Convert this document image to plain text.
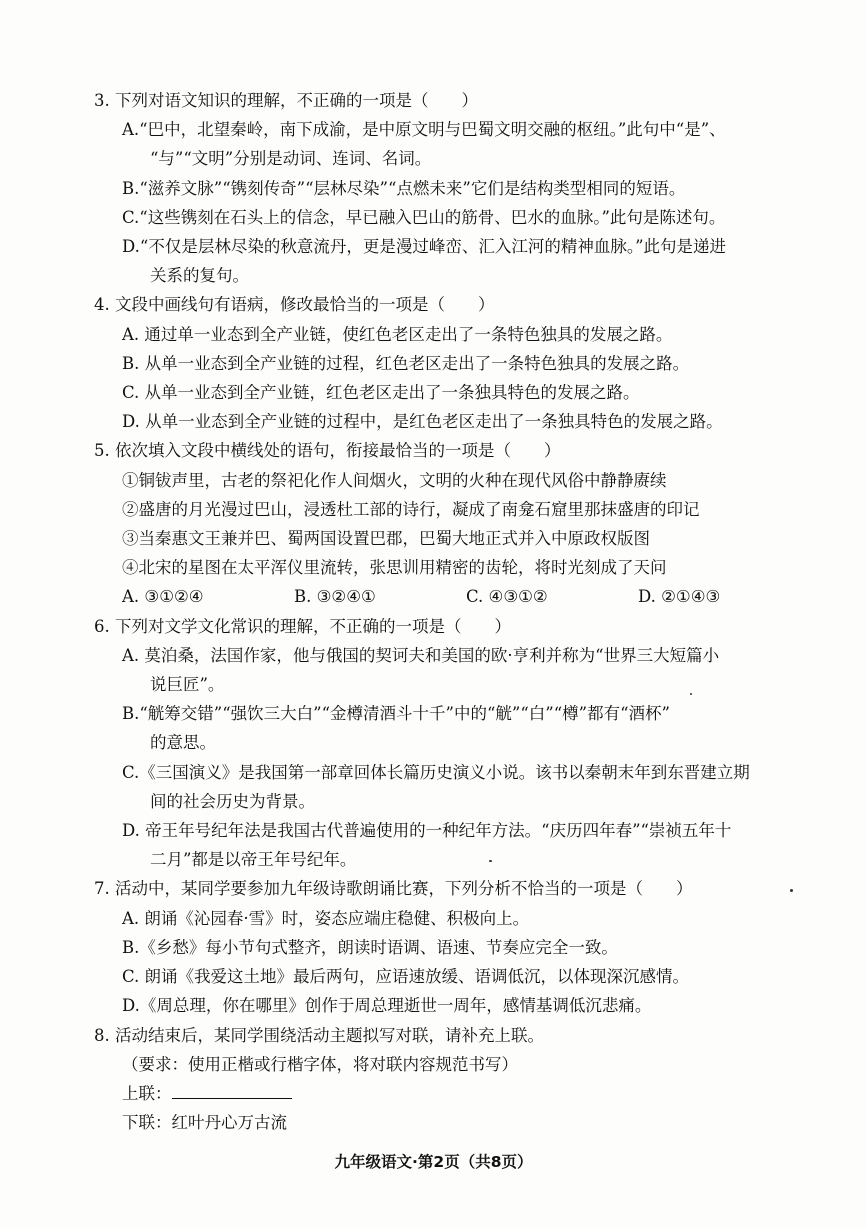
3. 下列对语文知识的理解，不正确的一项是（　　）
A.“巴中，北望秦岭，南下成渝，是中原文明与巴蜀文明交融的枢纽。”此句中“是”、
“与”“文明”分别是动词、连词、名词。
B.“滋养文脉”“镌刻传奇”“层林尽染”“点燃未来”它们是结构类型相同的短语。
C.“这些镌刻在石头上的信念，早已融入巴山的筋骨、巴水的血脉。”此句是陈述句。
D.“不仅是层林尽染的秋意流丹，更是漫过峰峦、汇入江河的精神血脉。”此句是递进
关系的复句。
4. 文段中画线句有语病，修改最恰当的一项是（　　）
A. 通过单一业态到全产业链，使红色老区走出了一条特色独具的发展之路。
B. 从单一业态到全产业链的过程，红色老区走出了一条特色独具的发展之路。
C. 从单一业态到全产业链，红色老区走出了一条独具特色的发展之路。
D. 从单一业态到全产业链的过程中，是红色老区走出了一条独具特色的发展之路。
5. 依次填入文段中横线处的语句，衔接最恰当的一项是（　　）
①铜钹声里，古老的祭祀化作人间烟火，文明的火种在现代风俗中静静赓续
②盛唐的月光漫过巴山，浸透杜工部的诗行，凝成了南龛石窟里那抹盛唐的印记
③当秦惠文王兼并巴、蜀两国设置巴郡，巴蜀大地正式并入中原政权版图
④北宋的星图在太平浑仪里流转，张思训用精密的齿轮，将时光刻成了天问
A. ③①②④	B. ③②④①	C. ④③①②	D. ②①④③
6. 下列对文学文化常识的理解，不正确的一项是（　　）
A. 莫泊桑，法国作家，他与俄国的契诃夫和美国的欧·亨利并称为“世界三大短篇小
说巨匠”。
B.“觥筹交错”“强饮三大白”“金樽清酒斗十千”中的“觥”“白”“樽”都有“酒杯”
的意思。
C.《三国演义》是我国第一部章回体长篇历史演义小说。该书以秦朝末年到东晋建立期
间的社会历史为背景。
D. 帝王年号纪年法是我国古代普遍使用的一种纪年方法。“庆历四年春”“崇祯五年十
二月”都是以帝王年号纪年。
7. 活动中，某同学要参加九年级诗歌朗诵比赛，下列分析不恰当的一项是（　　）
A. 朗诵《沁园春·雪》时，姿态应端庄稳健、积极向上。
B.《乡愁》每小节句式整齐，朗读时语调、语速、节奏应完全一致。
C. 朗诵《我爱这土地》最后两句，应语速放缓、语调低沉，以体现深沉感情。
D.《周总理，你在哪里》创作于周总理逝世一周年，感情基调低沉悲痛。
8. 活动结束后，某同学围绕活动主题拟写对联，请补充上联。
（要求：使用正楷或行楷字体，将对联内容规范书写）
上联：
下联：红叶丹心万古流
九年级语文·第2页（共8页）
